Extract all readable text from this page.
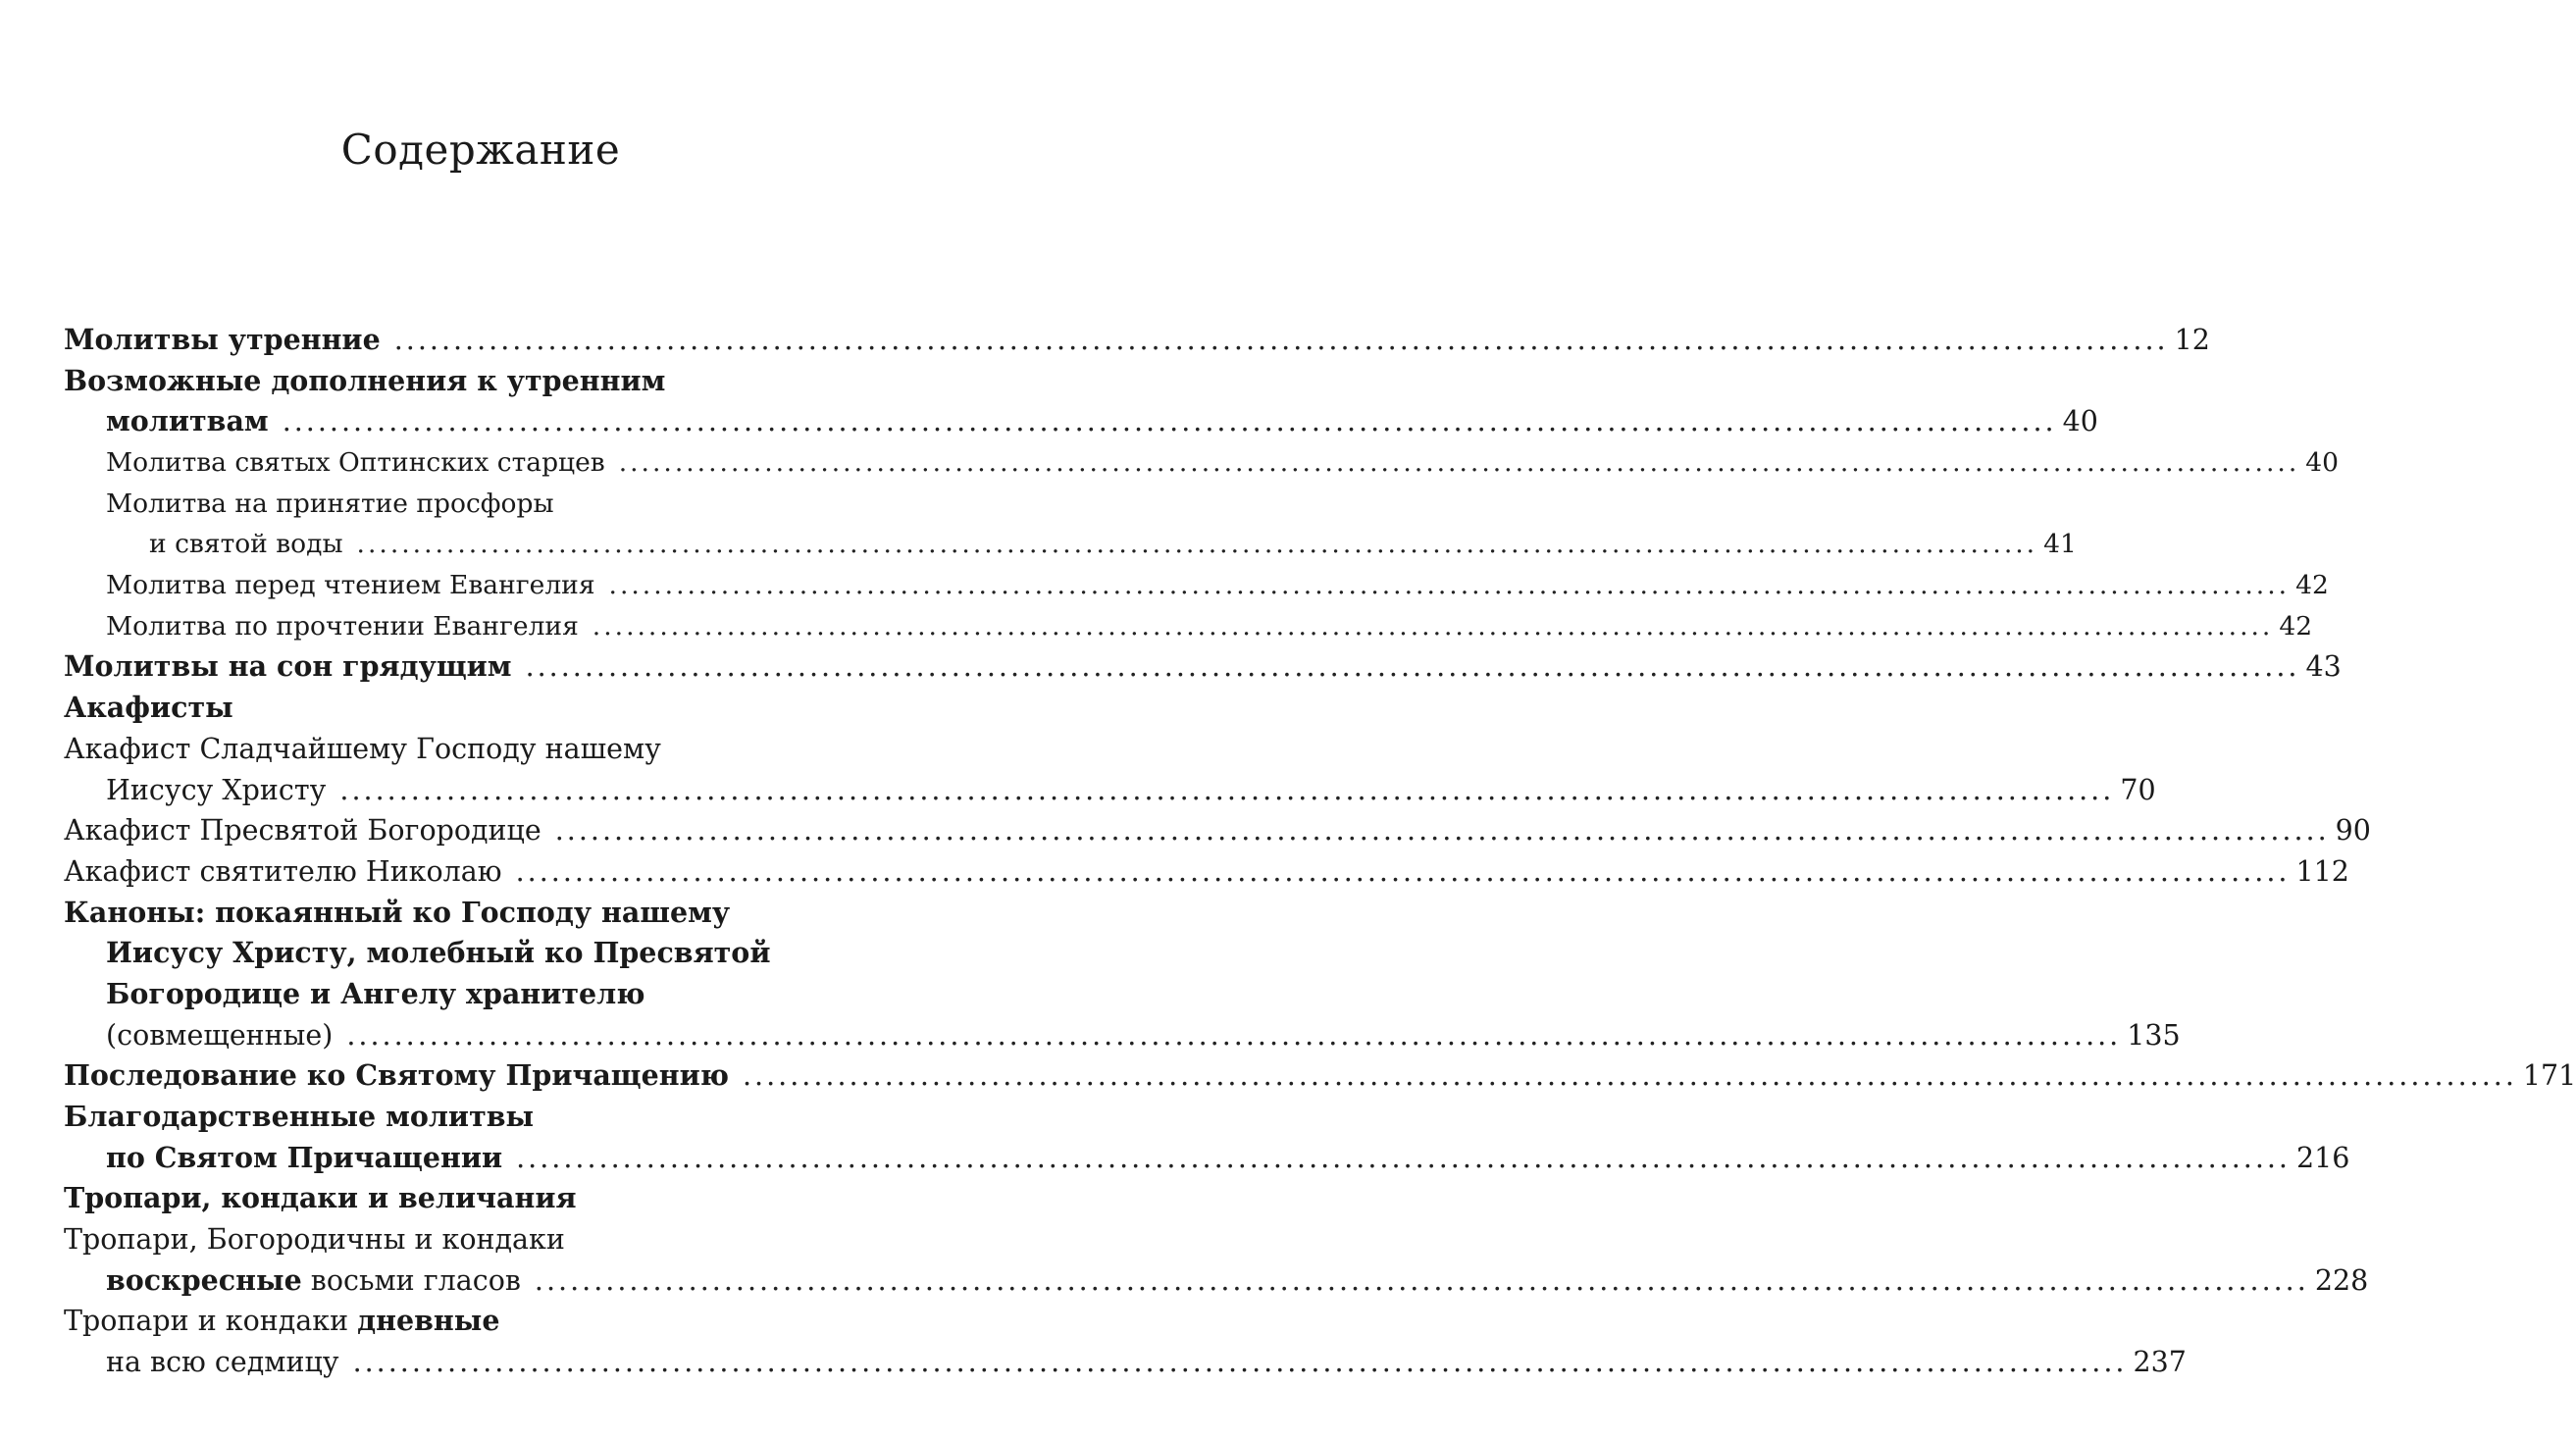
Содержание
Молитвы утренние .....	12
Возможные дополнения к утренним
молитвам .....	40
Молитва святых Оптинских старцев .....	40
Молитва на принятие просфоры
и святой воды .....	41
Молитва перед чтением Евангелия .....	42
Молитва по прочтении Евангелия .....	42
Молитвы на сон грядущим .....	43
Акафисты
Акафист Сладчайшему Господу нашему
Иисусу Христу .....	70
Акафист Пресвятой Богородице .....	90
Акафист святителю Николаю .....	112
Каноны: покаянный ко Господу нашему
Иисусу Христу, молебный ко Пресвятой
Богородице и Ангелу хранителю
(совмещенные) .....	135
Последование ко Святому Причащению .....	171
Благодарственные молитвы
по Святом Причащении .....	216
Тропари, кондаки и величания
Тропари, Богородичны и кондаки
воскресные восьми гласов .....	228
Тропари и кондаки дневные
на всю седмицу .....	237
